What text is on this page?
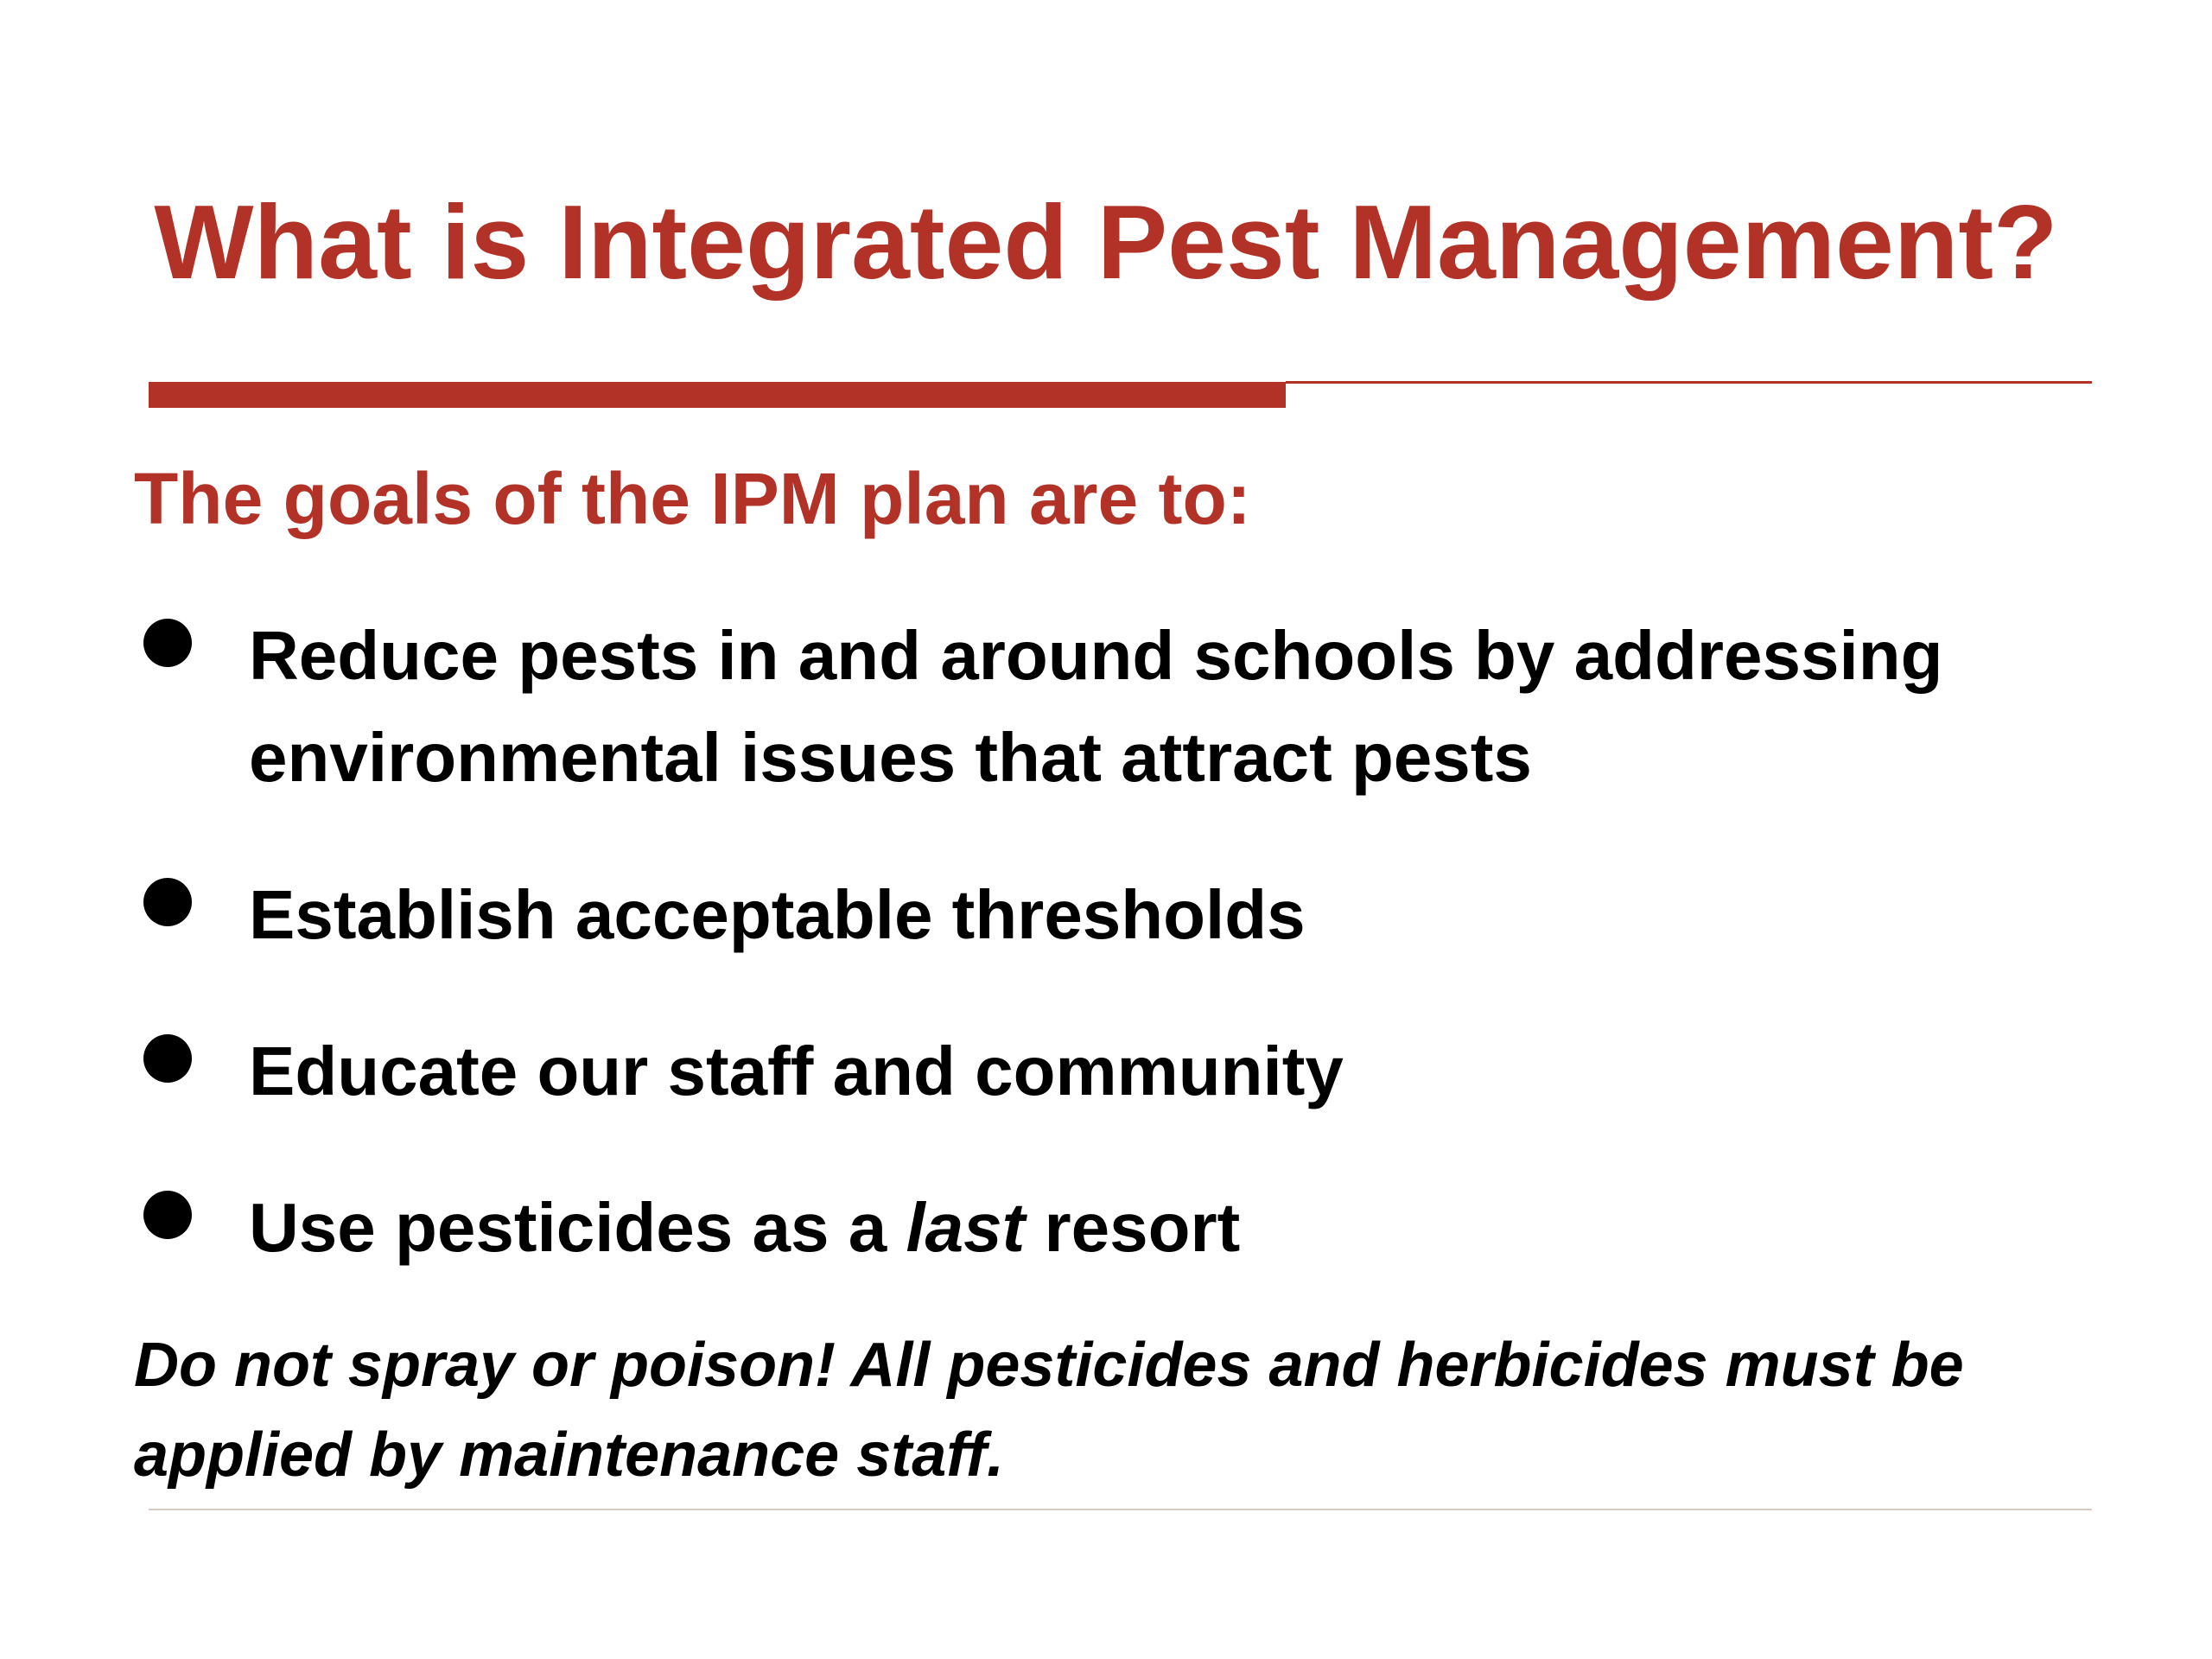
What is Integrated Pest Management?
The goals of the IPM plan are to:
Reduce pests in and around schools by addressing environmental issues that attract pests
Establish acceptable thresholds
Educate our staff and community
Use pesticides as a last resort
Do not spray or poison! All pesticides and herbicides must be applied by maintenance staff.
